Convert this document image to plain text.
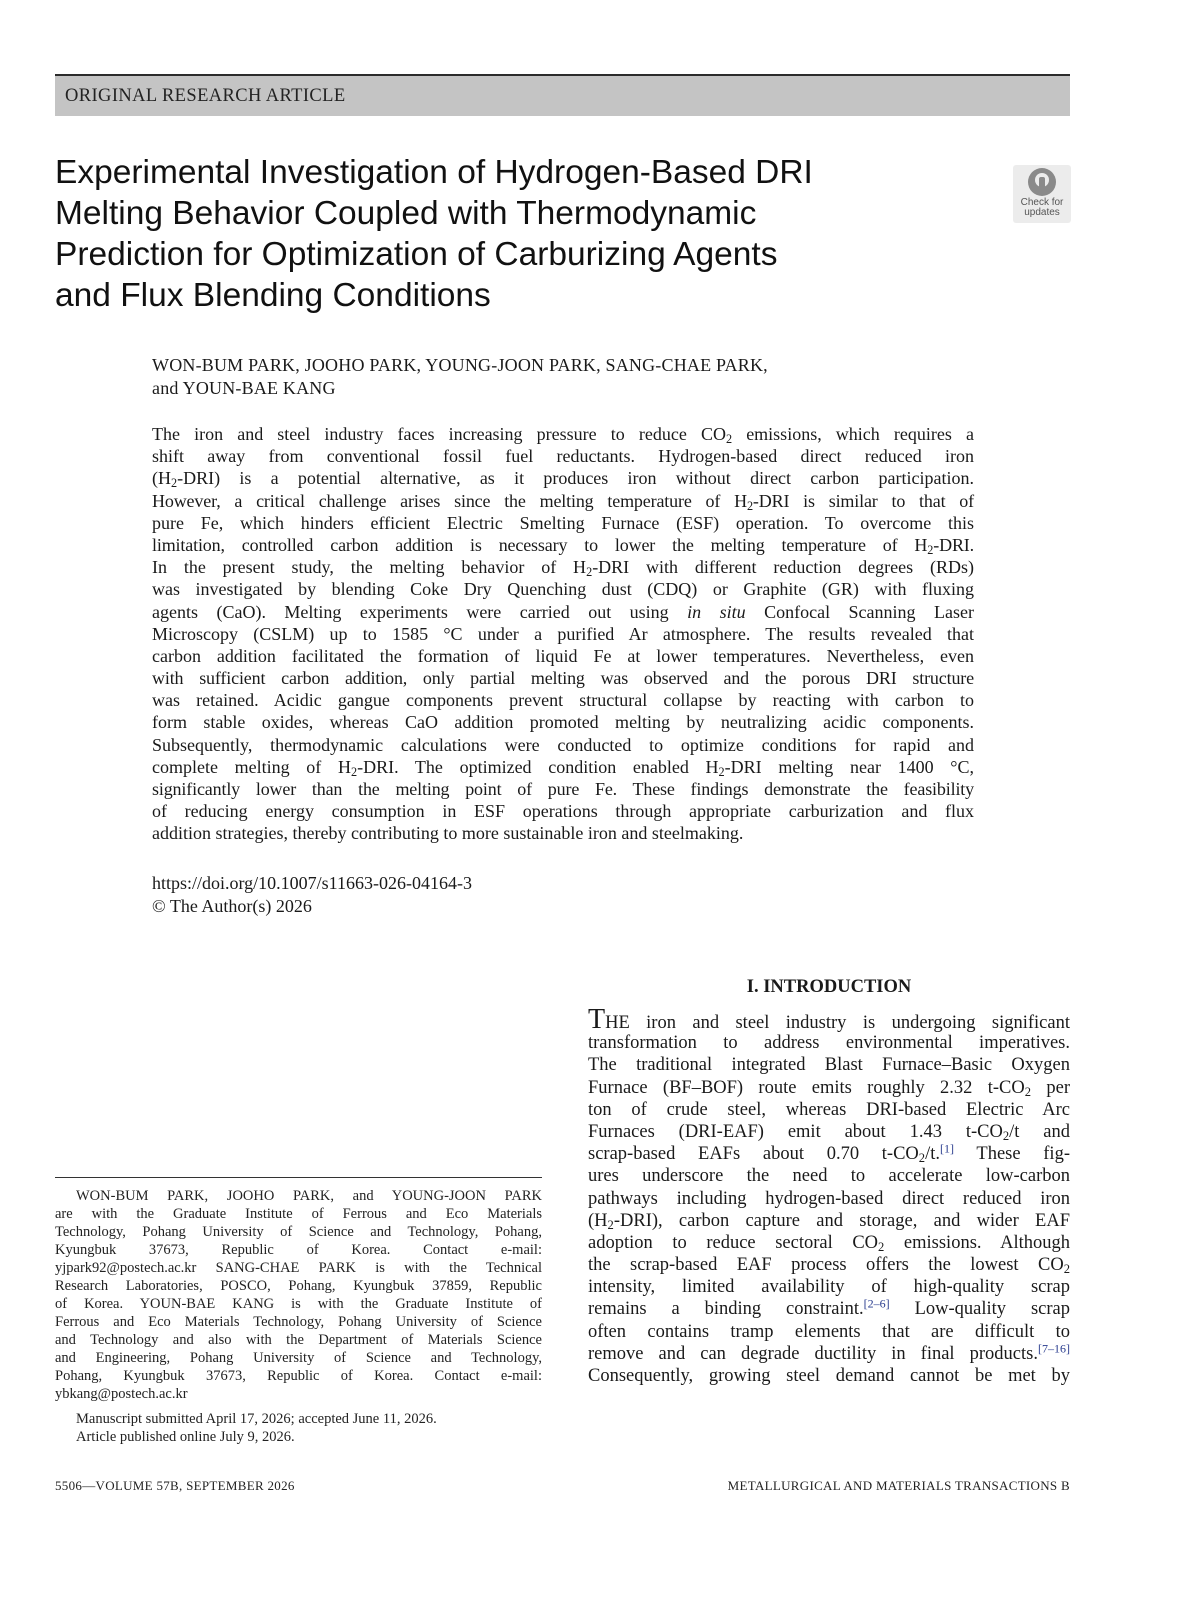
ORIGINAL RESEARCH ARTICLE
Experimental Investigation of Hydrogen-Based DRI
Melting Behavior Coupled with Thermodynamic
Prediction for Optimization of Carburizing Agents
and Flux Blending Conditions
Check for
updates
WON-BUM PARK, JOOHO PARK, YOUNG-JOON PARK, SANG-CHAE PARK,
and YOUN-BAE KANG
The iron and steel industry faces increasing pressure to reduce $CO_2$ emissions, which requires a
shift away from conventional fossil fuel reductants. Hydrogen-based direct reduced iron
$(H_2-DRI)$ is a potential alternative, as it produces iron without direct carbon participation.
However, a critical challenge arises since the melting temperature of $H_2$-DRI is similar to that of
pure Fe, which hinders efficient Electric Smelting Furnace (ESF) operation. To overcome this
limitation, controlled carbon addition is necessary to lower the melting temperature of $H_2$-DRI.
In the present study, the melting behavior of $H_2$-DRI with different reduction degrees (RDs)
was investigated by blending Coke Dry Quenching dust (CDQ) or Graphite (GR) with fluxing
agents (CaO). Melting experiments were carried out using in situ Confocal Scanning Laser
Microscopy (CSLM) up to 1585 °C under a purified Ar atmosphere. The results revealed that
carbon addition facilitated the formation of liquid Fe at lower temperatures. Nevertheless, even
with sufficient carbon addition, only partial melting was observed and the porous DRI structure
was retained. Acidic gangue components prevent structural collapse by reacting with carbon to
form stable oxides, whereas CaO addition promoted melting by neutralizing acidic components.
Subsequently, thermodynamic calculations were conducted to optimize conditions for rapid and
complete melting of $H_2$-DRI. The optimized condition enabled $H_2$-DRI melting near 1400 °C,
significantly lower than the melting point of pure Fe. These findings demonstrate the feasibility
of reducing energy consumption in ESF operations through appropriate carburization and flux
addition strategies, thereby contributing to more sustainable iron and steelmaking.
https://doi.org/10.1007/s11663-026-04164-3
© The Author(s) 2026
I. INTRODUCTION
THE iron and steel industry is undergoing significant
transformation to address environmental imperatives.
The traditional integrated Blast Furnace–Basic Oxygen
Furnace (BF–BOF) route emits roughly 2.32 $t-CO_2$ per
ton of crude steel, whereas DRI-based Electric Arc
Furnaces (DRI-EAF) emit about 1.43 $t-CO_2/t$ and
scrap-based EAFs about 0.70 $t-CO_2/t.[1]$ These fig-
ures underscore the need to accelerate low-carbon
pathways including hydrogen-based direct reduced iron
$(H_2-DRI)$, carbon capture and storage, and wider EAF
adoption to reduce sectoral $CO_2$ emissions. Although
the scrap-based EAF process offers the lowest $CO_2$
intensity, limited availability of high-quality scrap
remains a binding constraint.[2–6] Low-quality scrap
often contains tramp elements that are difficult to
remove and can degrade ductility in final products.[7–16]
Consequently, growing steel demand cannot be met by
WON-BUM PARK, JOOHO PARK, and YOUNG-JOON PARK
are with the Graduate Institute of Ferrous and Eco Materials
Technology, Pohang University of Science and Technology, Pohang,
Kyungbuk 37673, Republic of Korea. Contact e-mail:
yjpark92@postech.ac.kr SANG-CHAE PARK is with the Technical
Research Laboratories, POSCO, Pohang, Kyungbuk 37859, Republic
of Korea. YOUN-BAE KANG is with the Graduate Institute of
Ferrous and Eco Materials Technology, Pohang University of Science
and Technology and also with the Department of Materials Science
and Engineering, Pohang University of Science and Technology,
Pohang, Kyungbuk 37673, Republic of Korea. Contact e-mail:
ybkang@postech.ac.kr
Manuscript submitted April 17, 2026; accepted June 11, 2026.
Article published online July 9, 2026.
5506—VOLUME 57B, SEPTEMBER 2026	METALLURGICAL AND MATERIALS TRANSACTIONS B
